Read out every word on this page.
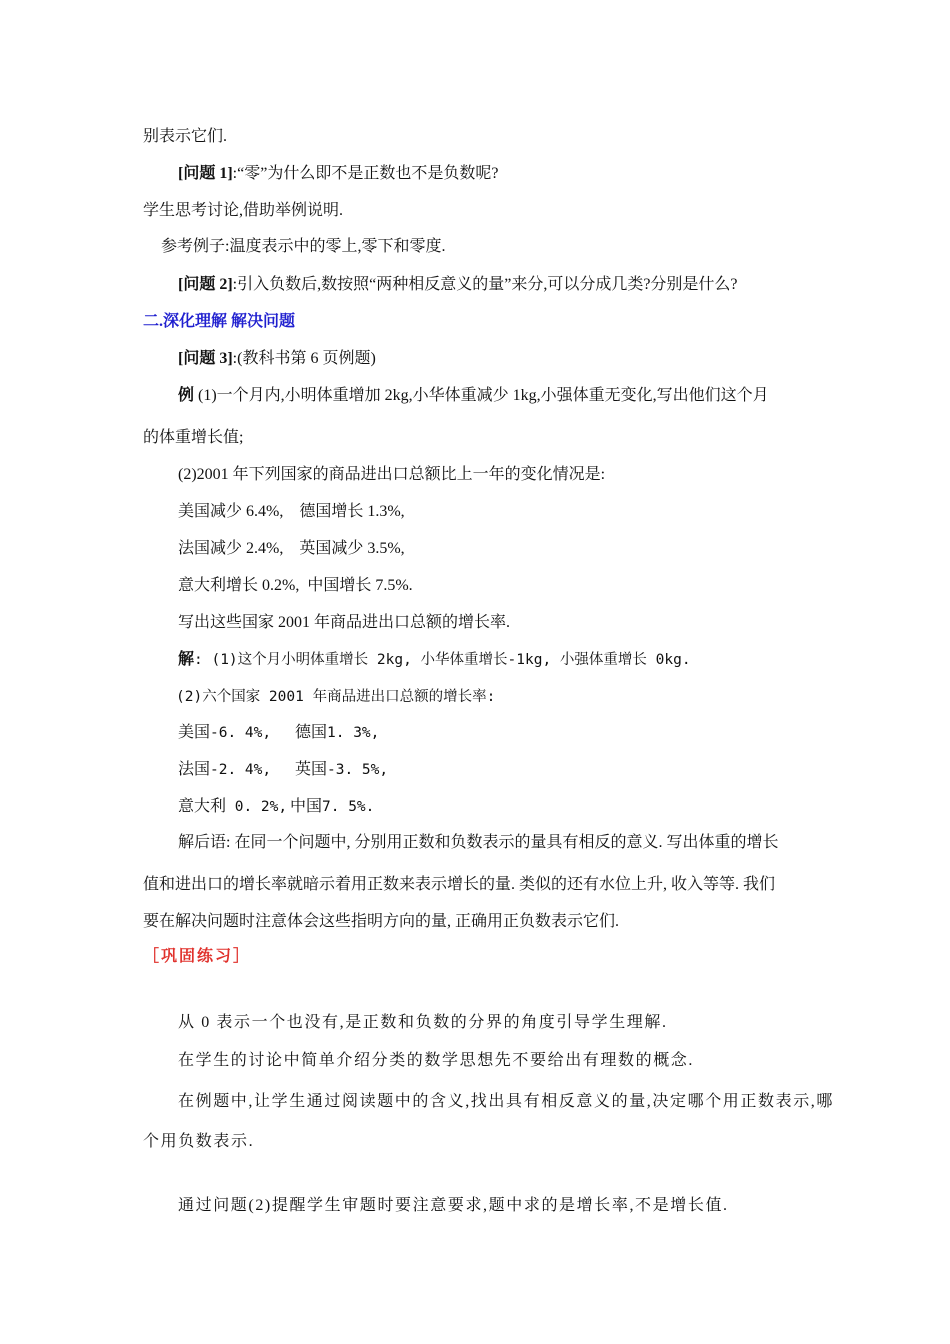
别表示它们.
[问题 1]:“零”为什么即不是正数也不是负数呢?
学生思考讨论,借助举例说明.
参考例子:温度表示中的零上,零下和零度.
[问题 2]:引入负数后,数按照“两种相反意义的量”来分,可以分成几类?分别是什么?
二.深化理解 解决问题
[问题 3]:(教科书第 6 页例题)
例 (1)一个月内,小明体重增加 2kg,小华体重减少 1kg,小强体重无变化,写出他们这个月
的体重增长值;
(2)2001 年下列国家的商品进出口总额比上一年的变化情况是:
美国减少 6.4%,    德国增长 1.3%,
法国减少 2.4%,    英国减少 3.5%,
意大利增长 0.2%,  中国增长 7.5%.
写出这些国家 2001 年商品进出口总额的增长率.
解: (1)这个月小明体重增长 2kg, 小华体重增长-1kg, 小强体重增长 0kg.
(2)六个国家 2001 年商品进出口总额的增长率:
美国-6. 4%, 德国 1. 3%,
法国-2. 4%, 英国 -3. 5%,
意大利 0. 2%, 中国 7. 5%.
解后语: 在同一个问题中, 分别用正数和负数表示的量具有相反的意义. 写出体重的增长
值和进出口的增长率就暗示着用正数来表示增长的量. 类似的还有水位上升, 收入等等. 我们
要在解决问题时注意体会这些指明方向的量, 正确用正负数表示它们.
［巩固练习］
从 0 表示一个也没有,是正数和负数的分界的角度引导学生理解.
在学生的讨论中简单介绍分类的数学思想先不要给出有理数的概念.
在例题中,让学生通过阅读题中的含义,找出具有相反意义的量,决定哪个用正数表示,哪
个用负数表示.
通过问题(2)提醒学生审题时要注意要求,题中求的是增长率,不是增长值.
